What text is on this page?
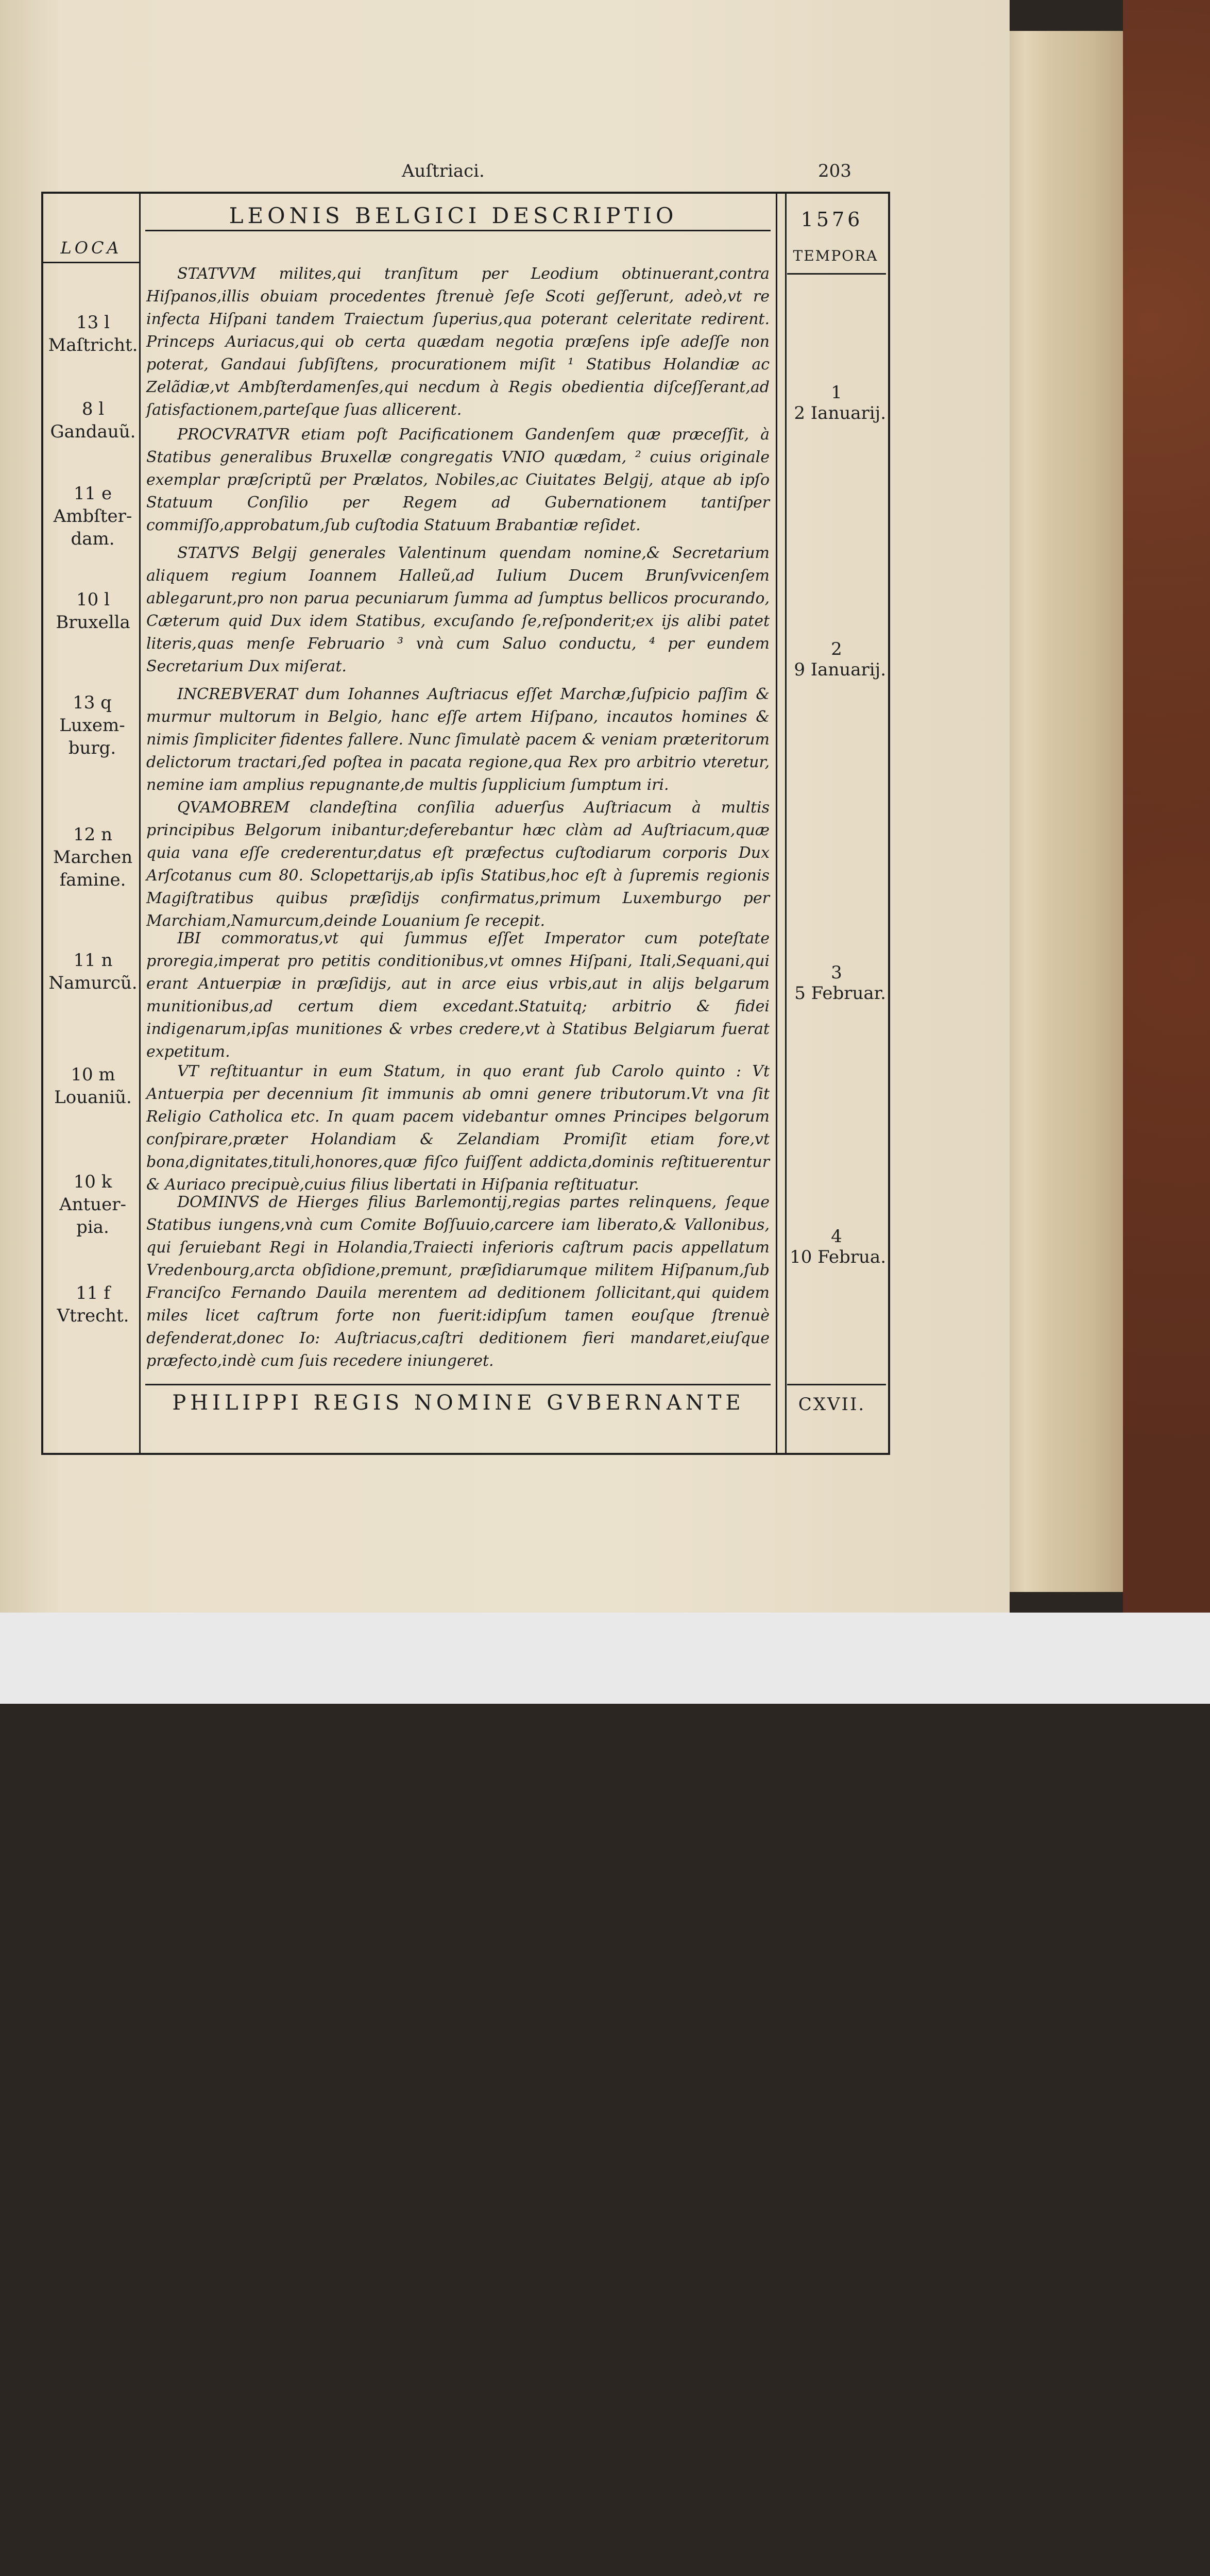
Auſtriaci.	203
LEONIS BELGICI DESCRIPTIO	1576
LOCA	TEMPORA
13 l
Maſtricht.
8 l
Gandauũ.
11 e
Ambſter-dam.
10 l
Bruxella
13 q
Luxem-burg.
12 n
Marchen famine.
11 n
Namurcũ.
10 m
Louaniũ.
10 k
Antuer-pia.
11 f
Vtrecht.
1
2 Ianuarij.
2
9 Ianuarij.
3
5 Februar.
4
10 Februa.

STATVVM milites,qui tranſitum per Leodium obtinuerant,contra Hiſpanos,illis obuiam procedentes ſtrenuè ſeſe Scoti geſſerunt, adeò,vt re infecta Hiſpani tandem Traiectum ſuperius,qua poterant celeritate redirent. Princeps Auriacus,qui ob certa quædam negotia præſens ipſe adeſſe non poterat, Gandaui ſubſiſtens, procurationem miſit ¹ Statibus Holandiæ ac Zelãdiæ,vt Ambſterdamenſes,qui necdum à Regis obedientia diſceſſerant,ad ſatisfactionem,parteſque ſuas allicerent.

PROCVRATVR etiam poſt Pacificationem Gandenſem quæ præceſſit, à Statibus generalibus Bruxellæ congregatis VNIO quædam, ² cuius originale exemplar præſcriptũ per Prælatos, Nobiles,ac Ciuitates Belgij, atque ab ipſo Statuum Conſilio per Regem ad Gubernationem tantiſper commiſſo,approbatum,ſub cuſtodia Statuum Brabantiæ reſidet.

STATVS Belgij generales Valentinum quendam nomine,& Secretarium aliquem regium Ioannem Halleũ,ad Iulium Ducem Brunſvvicenſem ablegarunt,pro non parua pecuniarum ſumma ad ſumptus bellicos procurando, Cæterum quid Dux idem Statibus, excuſando ſe,reſponderit;ex ijs alibi patet literis,quas menſe Februario ³ vnà cum Saluo conductu, ⁴ per eundem Secretarium Dux miſerat.

INCREBVERAT dum Iohannes Auſtriacus eſſet Marchæ,ſuſpicio paſſim & murmur multorum in Belgio, hanc eſſe artem Hiſpano, incautos homines & nimis ſimpliciter fidentes fallere. Nunc ſimulatè pacem & veniam præteritorum delictorum tractari,ſed poſtea in pacata regione,qua Rex pro arbitrio vteretur, nemine iam amplius repugnante,de multis ſupplicium ſumptum iri.

QVAMOBREM clandeſtina conſilia aduerſus Auſtriacum à multis principibus Belgorum inibantur;deferebantur hæc clàm ad Auſtriacum,quæ quia vana eſſe crederentur,datus eſt præfectus cuſtodiarum corporis Dux Arſcotanus cum 80. Sclopettarijs,ab ipſis Statibus,hoc eſt à ſupremis regionis Magiſtratibus quibus præſidijs confirmatus,primum Luxemburgo per Marchiam,Namurcum,deinde Louanium ſe recepit.

IBI commoratus,vt qui ſummus eſſet Imperator cum poteſtate proregia,imperat pro petitis conditionibus,vt omnes Hiſpani, Itali,Sequani,qui erant Antuerpiæ in præſidijs, aut in arce eius vrbis,aut in alijs belgarum munitionibus,ad certum diem excedant.Statuitq; arbitrio & fidei indigenarum,ipſas munitiones & vrbes credere,vt à Statibus Belgiarum fuerat expetitum.

VT reſtituantur in eum Statum, in quo erant ſub Carolo quinto : Vt Antuerpia per decennium ſit immunis ab omni genere tributorum.Vt vna ſit Religio Catholica etc. In quam pacem videbantur omnes Principes belgorum conſpirare,præter Holandiam & Zelandiam Promiſit etiam fore,vt bona,dignitates,tituli,honores,quæ fiſco fuiſſent addicta,dominis reſtituerentur & Auriaco precipuè,cuius filius libertati in Hiſpania reſtituatur.

DOMINVS de Hierges filius Barlemontij,regias partes relinquens, ſeque Statibus iungens,vnà cum Comite Boſſuuio,carcere iam liberato,& Vallonibus, qui ſeruiebant Regi in Holandia,Traiecti inferioris caſtrum pacis appellatum Vredenbourg,arcta obſidione,premunt, præſidiarumque militem Hiſpanum,ſub Franciſco Fernando Dauila merentem ad deditionem ſollicitant,qui quidem miles licet caſtrum forte non fuerit:idipſum tamen eouſque ſtrenuè defenderat,donec Io: Auſtriacus,caſtri deditionem fieri mandaret,eiuſque præfecto,indè cum ſuis recedere iniungeret.

PHILIPPI REGIS NOMINE GVBERNANTE	CXVII.
